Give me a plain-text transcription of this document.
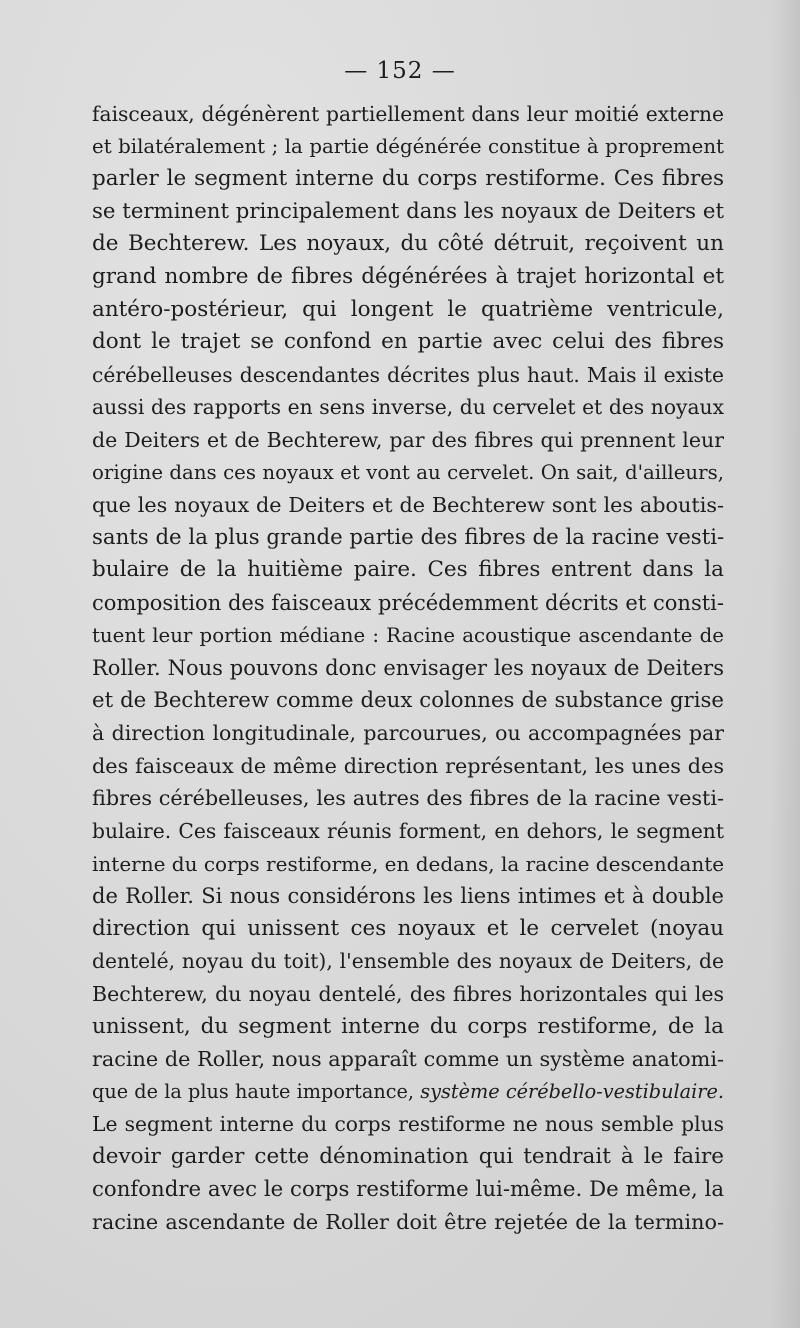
— 152 —
faisceaux, dégénèrent partiellement dans leur moitié externe
et bilatéralement ; la partie dégénérée constitue à proprement
parler le segment interne du corps restiforme. Ces fibres
se terminent principalement dans les noyaux de Deiters et
de Bechterew. Les noyaux, du côté détruit, reçoivent un
grand nombre de fibres dégénérées à trajet horizontal et
antéro-postérieur, qui longent le quatrième ventricule,
dont le trajet se confond en partie avec celui des fibres
cérébelleuses descendantes décrites plus haut. Mais il existe
aussi des rapports en sens inverse, du cervelet et des noyaux
de Deiters et de Bechterew, par des fibres qui prennent leur
origine dans ces noyaux et vont au cervelet. On sait, d'ailleurs,
que les noyaux de Deiters et de Bechterew sont les aboutis-
sants de la plus grande partie des fibres de la racine vesti-
bulaire de la huitième paire. Ces fibres entrent dans la
composition des faisceaux précédemment décrits et consti-
tuent leur portion médiane : Racine acoustique ascendante de
Roller. Nous pouvons donc envisager les noyaux de Deiters
et de Bechterew comme deux colonnes de substance grise
à direction longitudinale, parcourues, ou accompagnées par
des faisceaux de même direction représentant, les unes des
fibres cérébelleuses, les autres des fibres de la racine vesti-
bulaire. Ces faisceaux réunis forment, en dehors, le segment
interne du corps restiforme, en dedans, la racine descendante
de Roller. Si nous considérons les liens intimes et à double
direction qui unissent ces noyaux et le cervelet (noyau
dentelé, noyau du toit), l'ensemble des noyaux de Deiters, de
Bechterew, du noyau dentelé, des fibres horizontales qui les
unissent, du segment interne du corps restiforme, de la
racine de Roller, nous apparaît comme un système anatomi-
que de la plus haute importance, système cérébello-vestibulaire.
Le segment interne du corps restiforme ne nous semble plus
devoir garder cette dénomination qui tendrait à le faire
confondre avec le corps restiforme lui-même. De même, la
racine ascendante de Roller doit être rejetée de la termino-
